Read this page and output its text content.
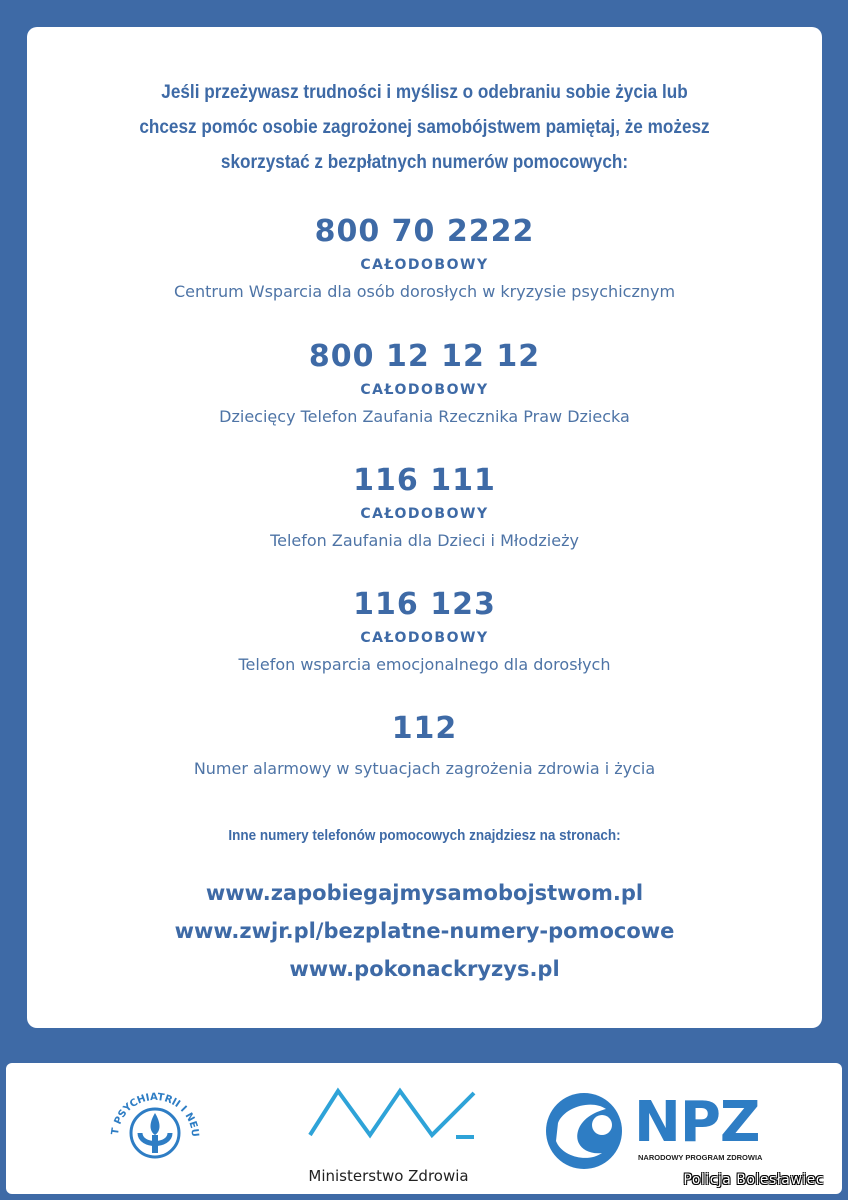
Jeśli przeżywasz trudności i myślisz o odebraniu sobie życia lub
chcesz pomóc osobie zagrożonej samobójstwem pamiętaj, że możesz
skorzystać z bezpłatnych numerów pomocowych:
800 70 2222
CAŁODOBOWY
Centrum Wsparcia dla osób dorosłych w kryzysie psychicznym
800 12 12 12
CAŁODOBOWY
Dziecięcy Telefon Zaufania Rzecznika Praw Dziecka
116 111
CAŁODOBOWY
Telefon Zaufania dla Dzieci i Młodzieży
116 123
CAŁODOBOWY
Telefon wsparcia emocjonalnego dla dorosłych
112
Numer alarmowy w sytuacjach zagrożenia zdrowia i życia
Inne numery telefonów pomocowych znajdziesz na stronach:
www.zapobiegajmysamobojstwom.pl
www.zwjr.pl/bezplatne-numery-pomocowe
www.pokonackryzys.pl
T PSYCHIATRII I NEU
Ministerstwo Zdrowia
NPZ
NARODOWY PROGRAM ZDROWIA
Policja Bolesławiec
